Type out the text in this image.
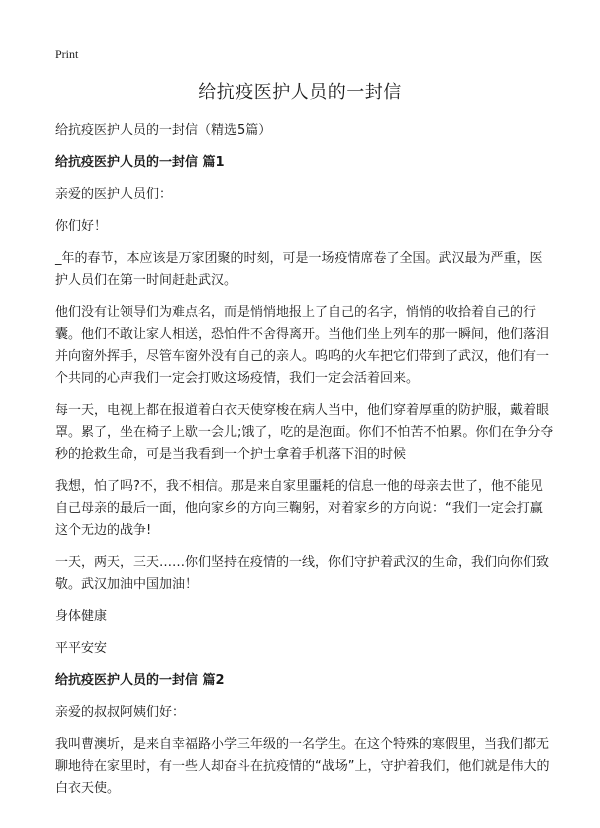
Print
给抗疫医护人员的一封信

给抗疫医护人员的一封信（精选5篇）

给抗疫医护人员的一封信 篇1

亲爱的医护人员们：

你们好！

_年的春节，本应该是万家团聚的时刻，可是一场疫情席卷了全国。武汉最为严重，医护人员们在第一时间赶赴武汉。

他们没有让领导们为难点名，而是悄悄地报上了自己的名字，悄悄的收拾着自己的行囊。他们不敢让家人相送，恐怕件不舍得离开。当他们坐上列车的那一瞬间，他们落泪并向窗外挥手，尽管车窗外没有自己的亲人。呜呜的火车把它们带到了武汉，他们有一个共同的心声我们一定会打败这场疫情，我们一定会活着回来。

每一天，电视上都在报道着白衣天使穿梭在病人当中，他们穿着厚重的防护服，戴着眼罩。累了，坐在椅子上歇一会儿;饿了，吃的是泡面。你们不怕苦不怕累。你们在争分夺秒的抢救生命，可是当我看到一个护士拿着手机落下泪的时候

我想，怕了吗?不，我不相信。那是来自家里噩耗的信息一他的母亲去世了，他不能见自己母亲的最后一面，他向家乡的方向三鞠躬，对着家乡的方向说：“我们一定会打赢这个无边的战争!

一天，两天，三天……你们坚持在疫情的一线，你们守护着武汉的生命，我们向你们致敬。武汉加油中国加油！

身体健康

平平安安

给抗疫医护人员的一封信 篇2

亲爱的叔叔阿姨们好：

我叫曹澳圻，是来自幸福路小学三年级的一名学生。在这个特殊的寒假里，当我们都无聊地待在家里时，有一些人却奋斗在抗疫情的“战场”上，守护着我们，他们就是伟大的白衣天使。
